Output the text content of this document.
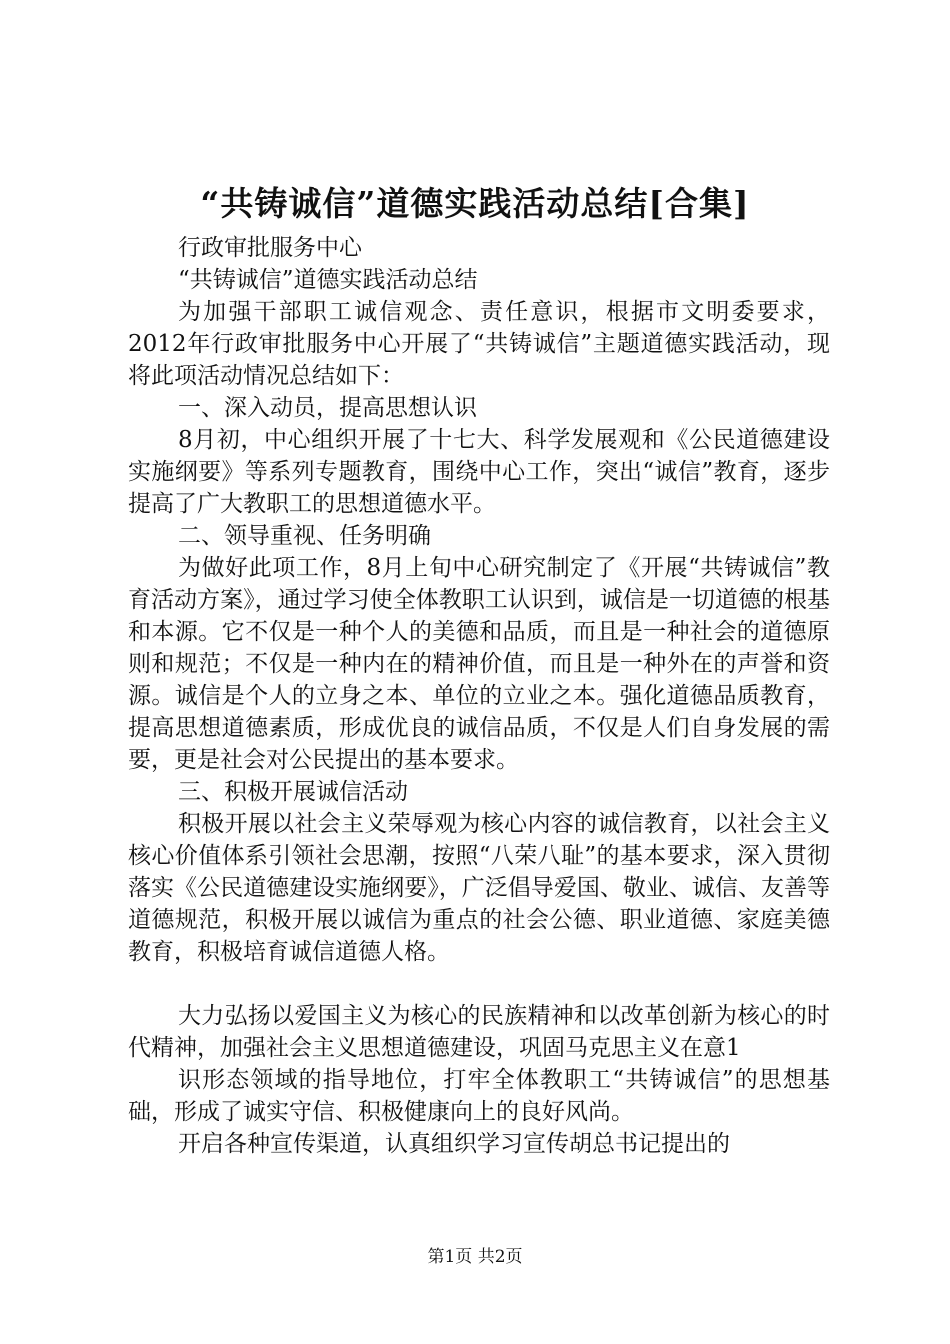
“共铸诚信”道德实践活动总结[合集]

行政审批服务中心

“共铸诚信”道德实践活动总结

为加强干部职工诚信观念、责任意识，根据市文明委要求，2012年行政审批服务中心开展了“共铸诚信”主题道德实践活动，现将此项活动情况总结如下：

一、深入动员，提高思想认识

8月初，中心组织开展了十七大、科学发展观和《公民道德建设实施纲要》等系列专题教育，围绕中心工作，突出“诚信”教育，逐步提高了广大教职工的思想道德水平。

二、领导重视、任务明确

为做好此项工作，8月上旬中心研究制定了《开展“共铸诚信”教育活动方案》，通过学习使全体教职工认识到，诚信是一切道德的根基和本源。它不仅是一种个人的美德和品质，而且是一种社会的道德原则和规范；不仅是一种内在的精神价值，而且是一种外在的声誉和资源。诚信是个人的立身之本、单位的立业之本。强化道德品质教育，提高思想道德素质，形成优良的诚信品质，不仅是人们自身发展的需要，更是社会对公民提出的基本要求。

三、积极开展诚信活动

积极开展以社会主义荣辱观为核心内容的诚信教育，以社会主义核心价值体系引领社会思潮，按照“八荣八耻”的基本要求，深入贯彻落实《公民道德建设实施纲要》，广泛倡导爱国、敬业、诚信、友善等道德规范，积极开展以诚信为重点的社会公德、职业道德、家庭美德教育，积极培育诚信道德人格。

大力弘扬以爱国主义为核心的民族精神和以改革创新为核心的时代精神，加强社会主义思想道德建设，巩固马克思主义在意1

识形态领域的指导地位，打牢全体教职工“共铸诚信”的思想基础，形成了诚实守信、积极健康向上的良好风尚。

开启各种宣传渠道，认真组织学习宣传胡总书记提出的

第1页 共2页
